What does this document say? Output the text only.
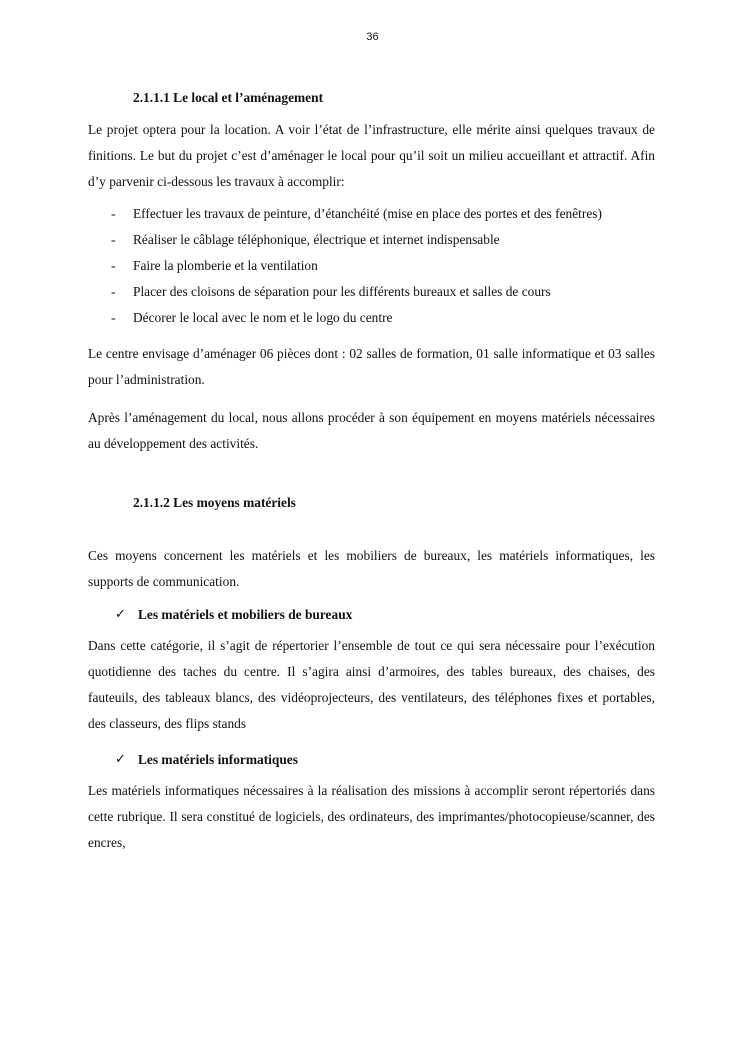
36

2.1.1.1 Le local et l’aménagement

Le projet optera pour la location. A voir l’état de l’infrastructure, elle mérite ainsi quelques travaux de finitions. Le but du projet c’est d’aménager le local pour qu’il soit un milieu accueillant et attractif. Afin d’y parvenir ci-dessous les travaux à accomplir:

- Effectuer les travaux de peinture, d’étanchéité (mise en place des portes et des fenêtres)
- Réaliser le câblage téléphonique, électrique et internet indispensable
- Faire la plomberie et la ventilation
- Placer des cloisons de séparation pour les différents bureaux et salles de cours
- Décorer le local avec le nom et le logo du centre

Le centre envisage d’aménager 06 pièces dont : 02 salles de formation, 01 salle informatique et 03 salles pour l’administration.

Après l’aménagement du local, nous allons procéder à son équipement en moyens matériels nécessaires au développement des activités.

2.1.1.2 Les moyens matériels

Ces moyens concernent les matériels et les mobiliers de bureaux, les matériels informatiques, les supports de communication.

✓ Les matériels et mobiliers de bureaux

Dans cette catégorie, il s’agit de répertorier l’ensemble de tout ce qui sera nécessaire pour l’exécution quotidienne des taches du centre. Il s’agira ainsi d’armoires, des tables bureaux, des chaises, des fauteuils, des tableaux blancs, des vidéoprojecteurs, des ventilateurs, des téléphones fixes et portables, des classeurs, des flips stands

✓ Les matériels informatiques

Les matériels informatiques nécessaires à la réalisation des missions à accomplir seront répertoriés dans cette rubrique. Il sera constitué de logiciels, des ordinateurs, des imprimantes/photocopieuse/scanner, des encres,
